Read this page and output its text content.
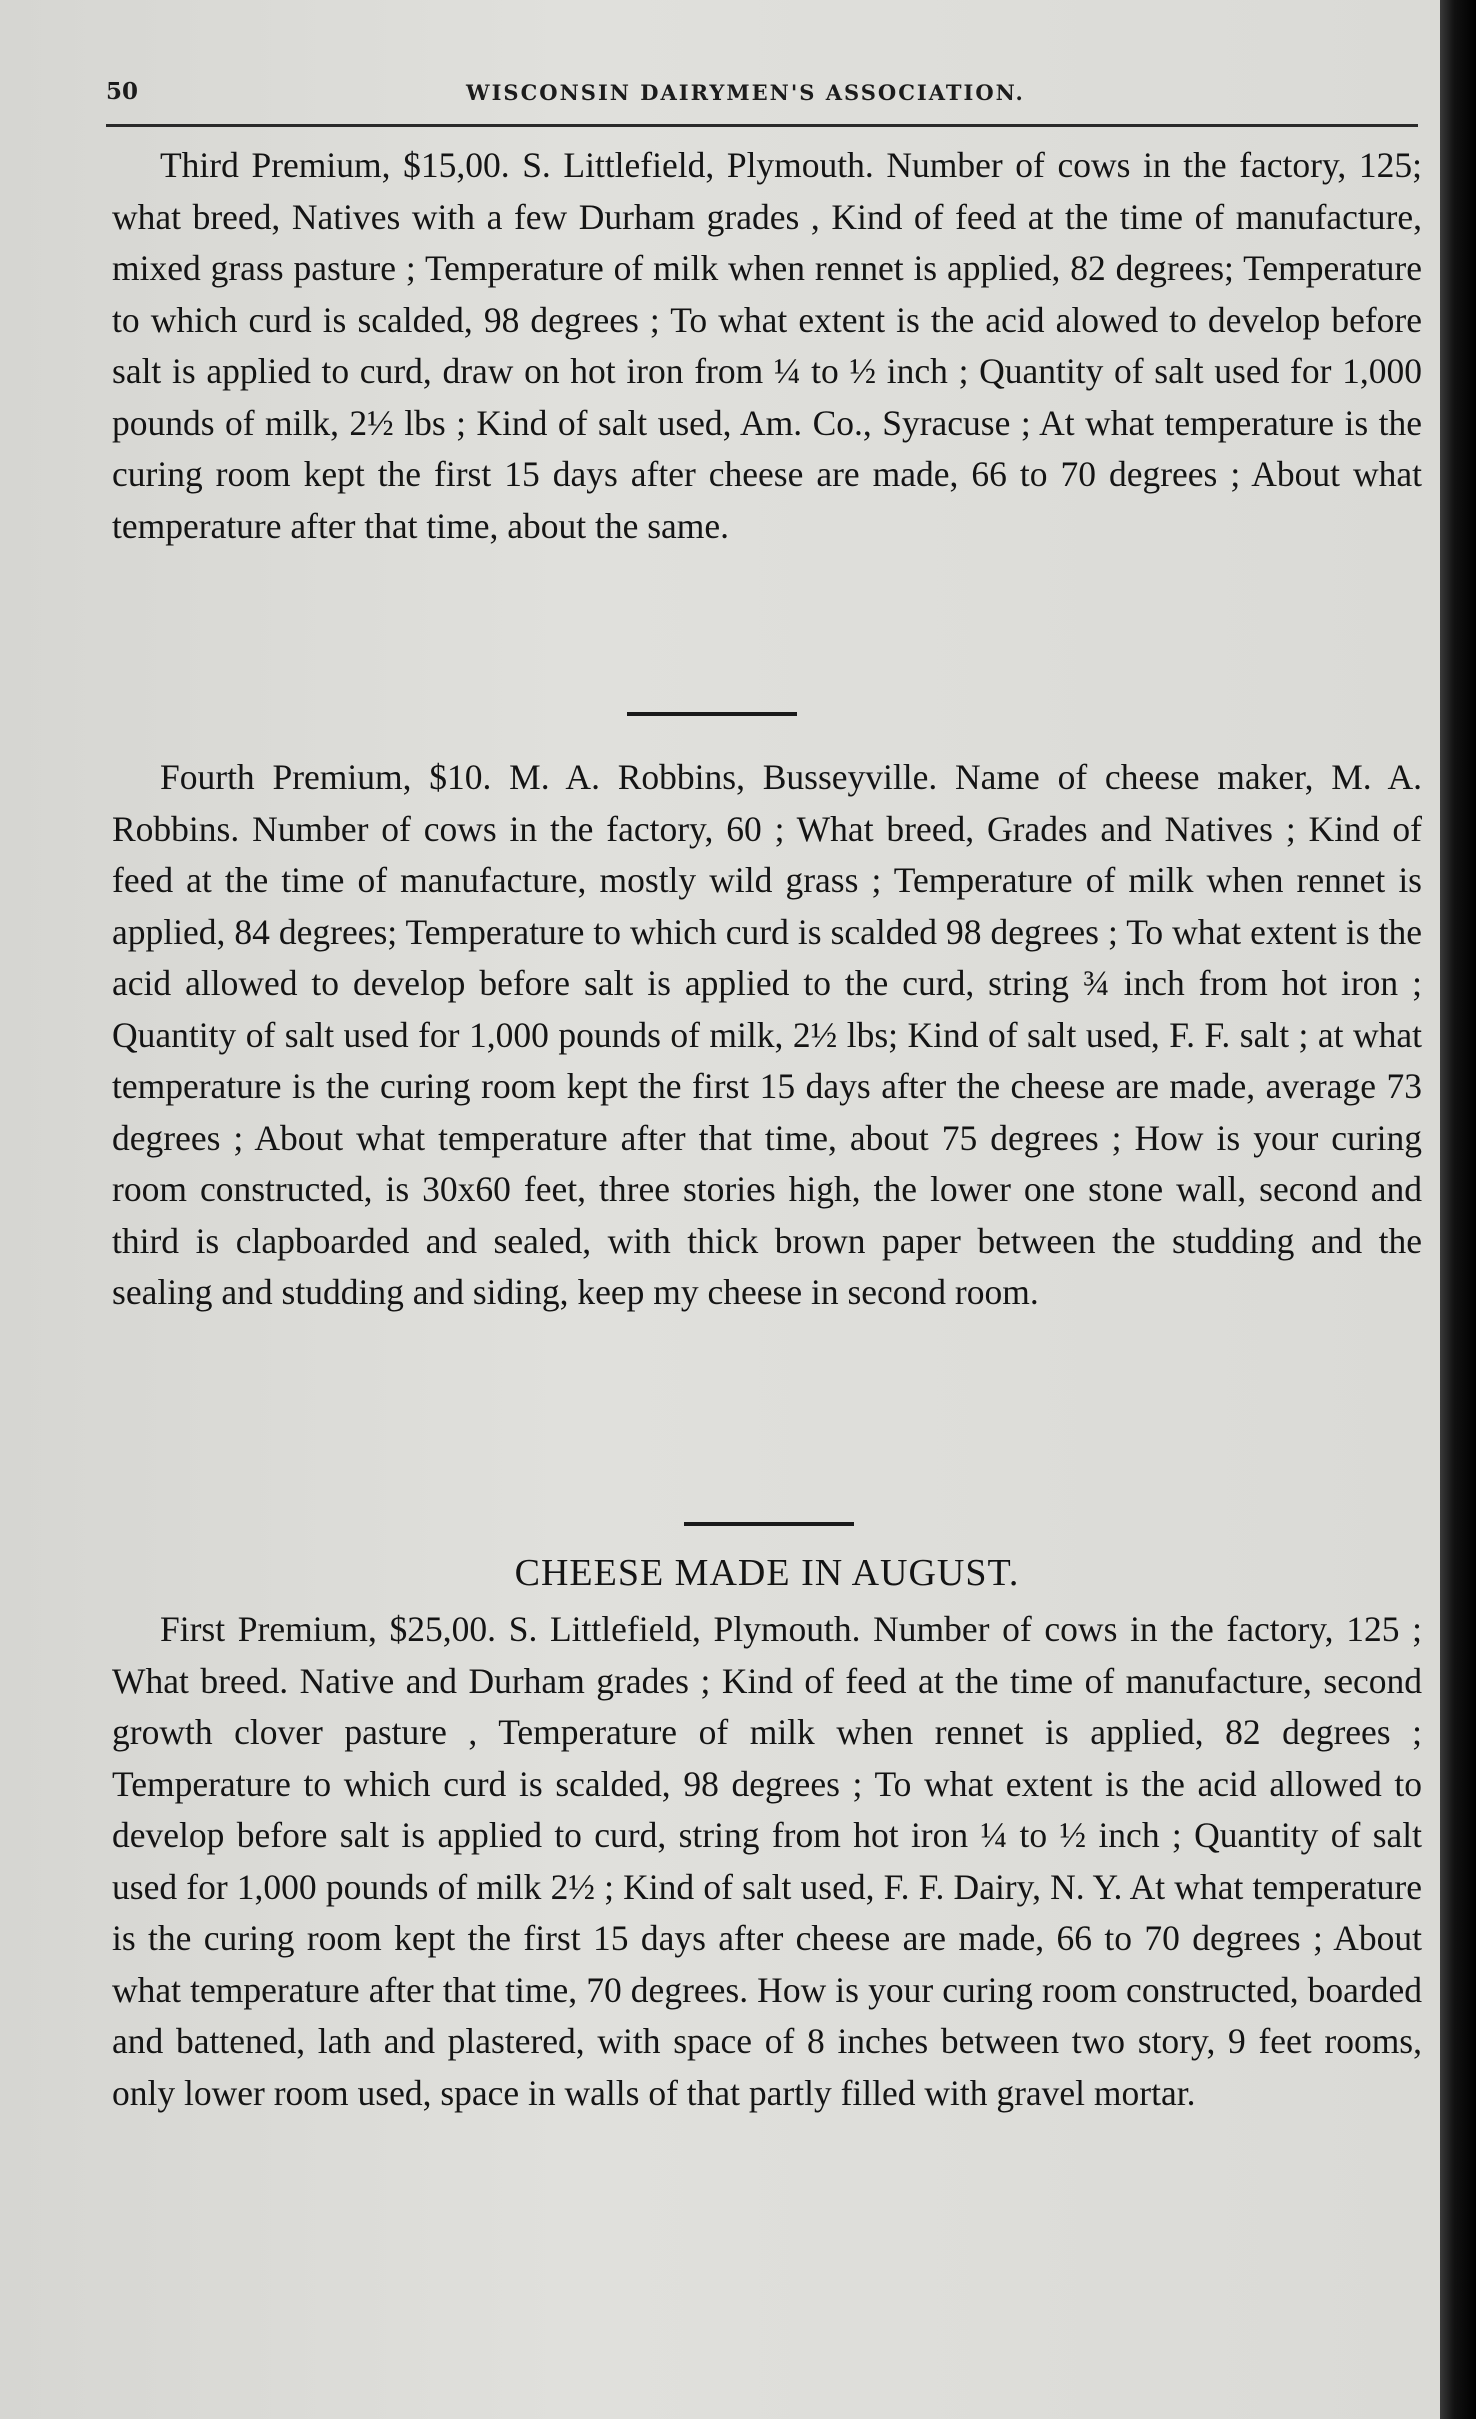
50	WISCONSIN DAIRYMEN'S ASSOCIATION.

Third Premium, $15,00. S. Littlefield, Plymouth. Number of cows in the factory, 125; what breed, Natives with a few Durham grades , Kind of feed at the time of manufacture, mixed grass pasture ; Temperature of milk when rennet is applied, 82 degrees; Temperature to which curd is scalded, 98 degrees ; To what extent is the acid alowed to develop before salt is applied to curd, draw on hot iron from ¼ to ½ inch ; Quantity of salt used for 1,000 pounds of milk, 2½ lbs ; Kind of salt used, Am. Co., Syracuse ; At what temperature is the curing room kept the first 15 days after cheese are made, 66 to 70 degrees ; About what temperature after that time, about the same.

Fourth Premium, $10. M. A. Robbins, Busseyville. Name of cheese maker, M. A. Robbins. Number of cows in the factory, 60 ; What breed, Grades and Natives ; Kind of feed at the time of manufacture, mostly wild grass ; Temperature of milk when rennet is applied, 84 degrees; Temperature to which curd is scalded 98 degrees ; To what extent is the acid allowed to develop before salt is applied to the curd, string ¾ inch from hot iron ; Quantity of salt used for 1,000 pounds of milk, 2½ lbs; Kind of salt used, F. F. salt ; at what temperature is the curing room kept the first 15 days after the cheese are made, average 73 degrees ; About what temperature after that time, about 75 degrees ; How is your curing room constructed, is 30x60 feet, three stories high, the lower one stone wall, second and third is clapboarded and sealed, with thick brown paper between the studding and the sealing and studding and siding, keep my cheese in second room.

CHEESE MADE IN AUGUST.

First Premium, $25,00. S. Littlefield, Plymouth. Number of cows in the factory, 125 ; What breed. Native and Durham grades ; Kind of feed at the time of manufacture, second growth clover pasture , Temperature of milk when rennet is applied, 82 degrees ; Temperature to which curd is scalded, 98 degrees ; To what extent is the acid allowed to develop before salt is applied to curd, string from hot iron ¼ to ½ inch ; Quantity of salt used for 1,000 pounds of milk 2½ ; Kind of salt used, F. F. Dairy, N. Y. At what temperature is the curing room kept the first 15 days after cheese are made, 66 to 70 degrees ; About what temperature after that time, 70 degrees. How is your curing room constructed, boarded and battened, lath and plastered, with space of 8 inches between two story, 9 feet rooms, only lower room used, space in walls of that partly filled with gravel mortar.
